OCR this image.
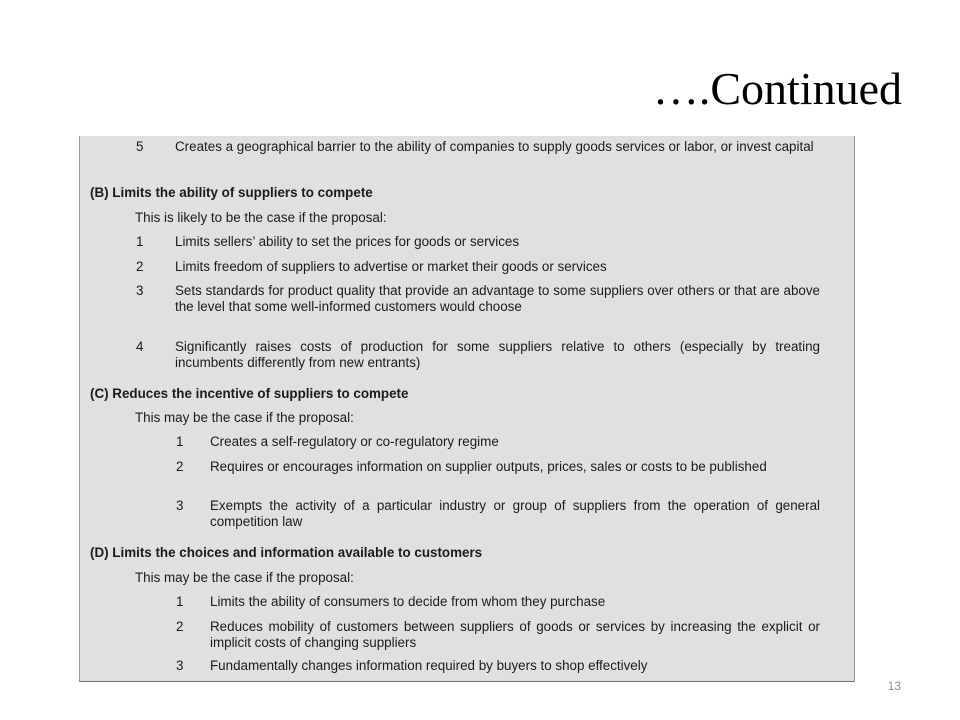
….Continued
5	Creates a geographical barrier to the ability of companies to supply goods services or labor, or invest capital
(B) Limits the ability of suppliers to compete
This is likely to be the case if the proposal:
1	Limits sellers’ ability to set the prices for goods or services
2	Limits freedom of suppliers to advertise or market their goods or services
3	Sets standards for product quality that provide an advantage to some suppliers over others or that are above the level that some well-informed customers would choose
4	Significantly raises costs of production for some suppliers relative to others (especially by treating incumbents differently from new entrants)
(C) Reduces the incentive of suppliers to compete
This may be the case if the proposal:
1	Creates a self-regulatory or co-regulatory regime
2	Requires or encourages information on supplier outputs, prices, sales or costs to be published
3	Exempts the activity of a particular industry or group of suppliers from the operation of general competition law
(D) Limits the choices and information available to customers
This may be the case if the proposal:
1	Limits the ability of consumers to decide from whom they purchase
2	Reduces mobility of customers between suppliers of goods or services by increasing the explicit or implicit costs of changing suppliers
3	Fundamentally changes information required by buyers to shop effectively
13
